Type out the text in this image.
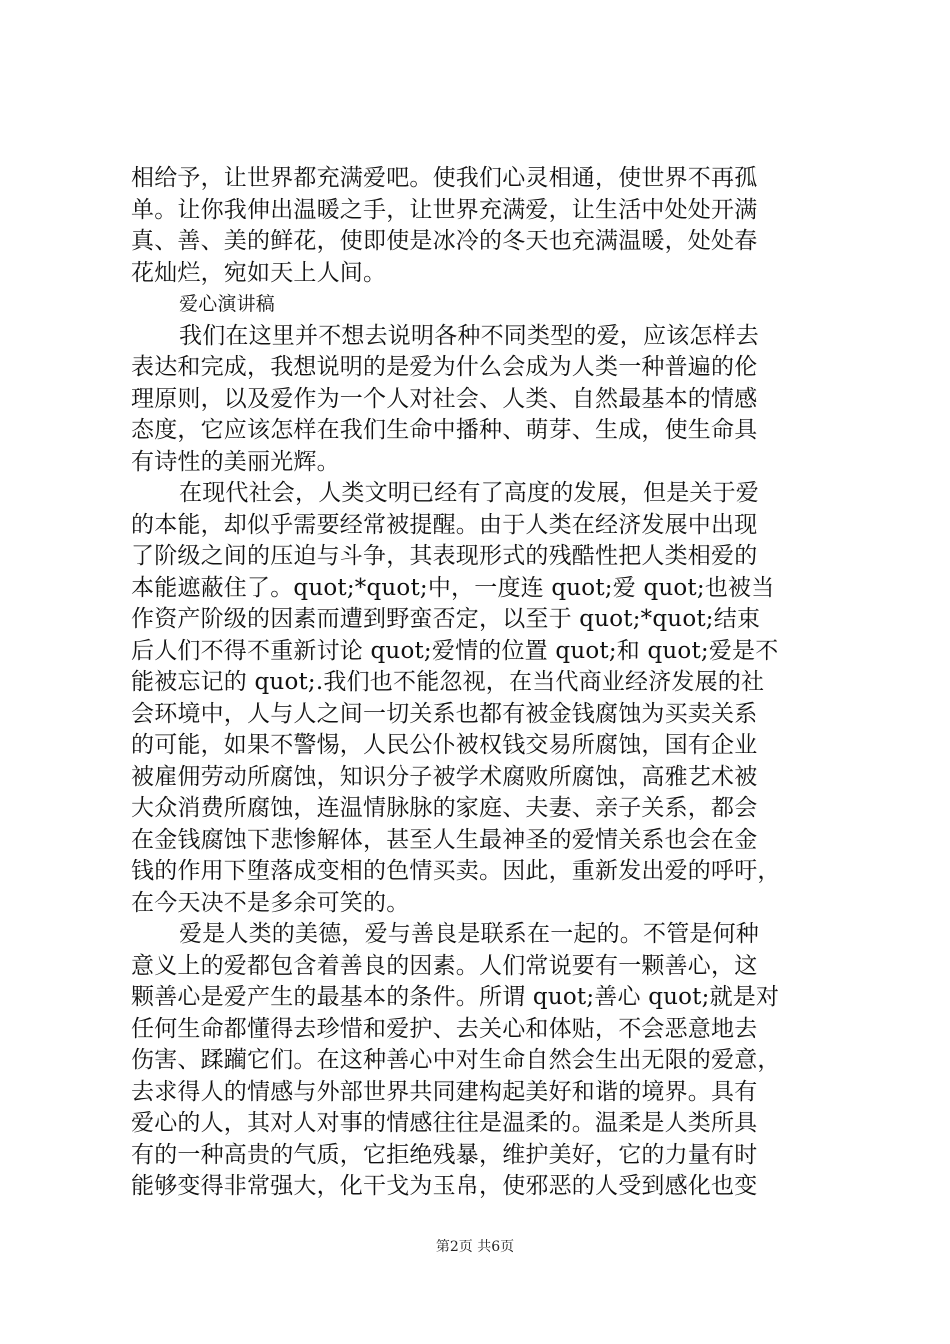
相给予，让世界都充满爱吧。使我们心灵相通，使世界不再孤
单。让你我伸出温暖之手，让世界充满爱，让生活中处处开满
真、善、美的鲜花，使即使是冰冷的冬天也充满温暖，处处春
花灿烂，宛如天上人间。
爱心演讲稿
我们在这里并不想去说明各种不同类型的爱，应该怎样去
表达和完成，我想说明的是爱为什么会成为人类一种普遍的伦
理原则，以及爱作为一个人对社会、人类、自然最基本的情感
态度，它应该怎样在我们生命中播种、萌芽、生成，使生命具
有诗性的美丽光辉。
在现代社会，人类文明已经有了高度的发展，但是关于爱
的本能，却似乎需要经常被提醒。由于人类在经济发展中出现
了阶级之间的压迫与斗争，其表现形式的残酷性把人类相爱的
本能遮蔽住了。quot;*quot;中，一度连 quot;爱 quot;也被当
作资产阶级的因素而遭到野蛮否定，以至于 quot;*quot;结束
后人们不得不重新讨论 quot;爱情的位置 quot;和 quot;爱是不
能被忘记的 quot;.我们也不能忽视，在当代商业经济发展的社
会环境中，人与人之间一切关系也都有被金钱腐蚀为买卖关系
的可能，如果不警惕，人民公仆被权钱交易所腐蚀，国有企业
被雇佣劳动所腐蚀，知识分子被学术腐败所腐蚀，高雅艺术被
大众消费所腐蚀，连温情脉脉的家庭、夫妻、亲子关系，都会
在金钱腐蚀下悲惨解体，甚至人生最神圣的爱情关系也会在金
钱的作用下堕落成变相的色情买卖。因此，重新发出爱的呼吁，
在今天决不是多余可笑的。
爱是人类的美德，爱与善良是联系在一起的。不管是何种
意义上的爱都包含着善良的因素。人们常说要有一颗善心，这
颗善心是爱产生的最基本的条件。所谓 quot;善心 quot;就是对
任何生命都懂得去珍惜和爱护、去关心和体贴，不会恶意地去
伤害、蹂躏它们。在这种善心中对生命自然会生出无限的爱意，
去求得人的情感与外部世界共同建构起美好和谐的境界。具有
爱心的人，其对人对事的情感往往是温柔的。温柔是人类所具
有的一种高贵的气质，它拒绝残暴，维护美好，它的力量有时
能够变得非常强大，化干戈为玉帛，使邪恶的人受到感化也变
第2页 共6页
